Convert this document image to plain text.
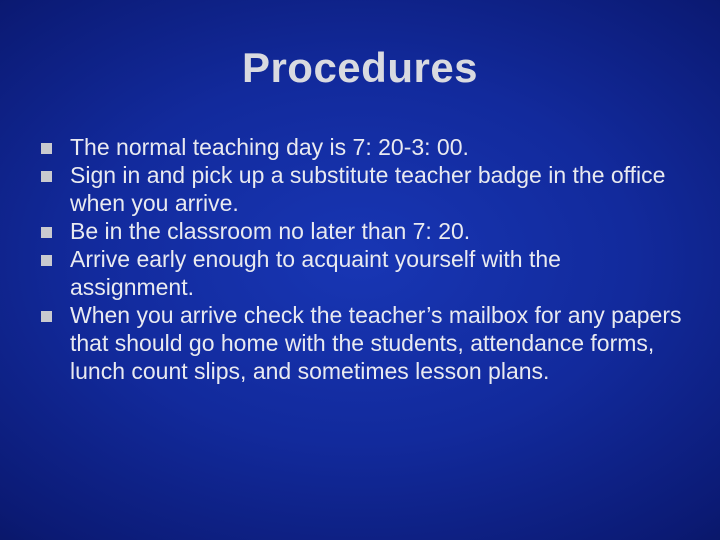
Procedures
The normal teaching day is 7: 20-3: 00.
Sign in and pick up a substitute teacher badge in the office when you arrive.
Be in the classroom no later than 7: 20.
Arrive early enough to acquaint yourself with the assignment.
When you arrive check the teacher’s mailbox for any papers that should go home with the students, attendance forms, lunch count slips, and sometimes lesson plans.
